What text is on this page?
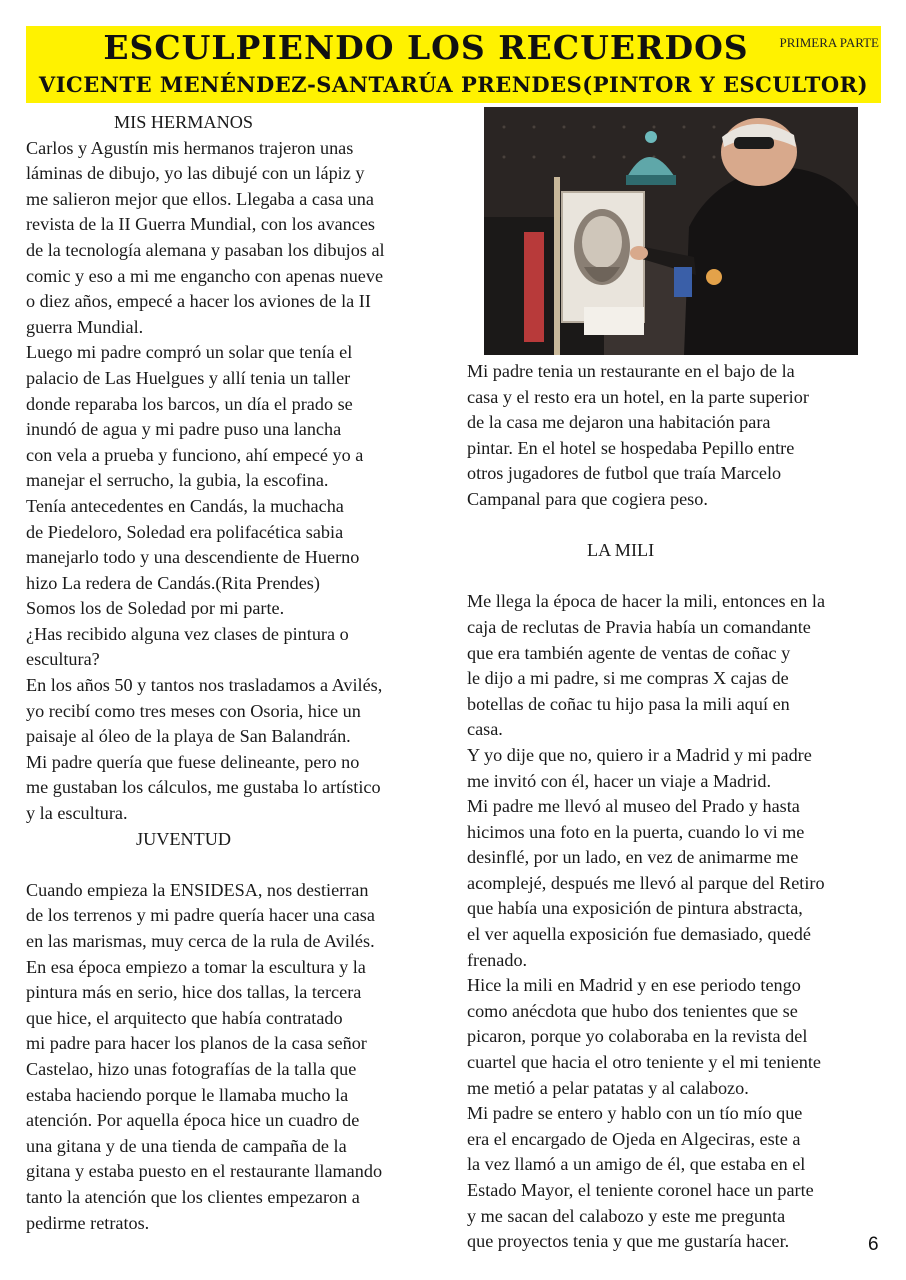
ESCULPIENDO LOS RECUERDOS	PRIMERA PARTE
VICENTE MENÉNDEZ-SANTARÚA PRENDES(PINTOR Y ESCULTOR)
MIS HERMANOS

Carlos y Agustín mis hermanos trajeron unas

láminas de dibujo, yo las dibujé con un lápiz y

me salieron mejor que ellos. Llegaba a casa una

revista de la II Guerra Mundial, con los avances

de la tecnología alemana y pasaban los dibujos al

comic y eso a mi me engancho con apenas nueve

o diez años, empecé a hacer los aviones de la II

guerra Mundial.

Luego mi padre compró un solar que tenía el

palacio de Las Huelgues y allí tenia un taller

donde reparaba los barcos, un día el prado se

inundó de agua y mi padre puso una lancha

con vela a prueba y funciono, ahí empecé yo a

manejar el serrucho, la gubia, la escofina.

Tenía antecedentes en Candás, la muchacha

de Piedeloro, Soledad era polifacética sabia

manejarlo todo y una descendiente de Huerno

hizo La redera de Candás.(Rita Prendes)

Somos los de Soledad por mi parte.

¿Has recibido alguna vez clases de pintura o

escultura?

En los años 50 y tantos nos trasladamos a Avilés,

yo recibí como tres meses con Osoria, hice un

paisaje al óleo de la playa de San Balandrán.

Mi padre quería que fuese delineante, pero no

me gustaban los cálculos, me gustaba lo artístico

y la escultura.

JUVENTUD

Cuando empieza la ENSIDESA, nos destierran

de los terrenos y mi padre quería hacer una casa

en las marismas, muy cerca de la rula de Avilés.

En esa época empiezo a tomar la escultura y la

pintura más en serio, hice dos tallas, la tercera

que hice, el arquitecto que había contratado

mi padre para hacer los planos de la casa señor

Castelao, hizo unas fotografías de la talla que

estaba haciendo porque le llamaba mucho la

atención. Por aquella época hice un cuadro de

una gitana y de una tienda de campaña de la

gitana y estaba puesto en el restaurante llamando

tanto la atención que los clientes empezaron a

pedirme retratos.

Mi padre tenia un restaurante en el bajo de la

casa y el resto era un hotel, en la parte superior

de la casa me dejaron una habitación para

pintar. En el hotel se hospedaba Pepillo entre

otros jugadores de futbol que traía Marcelo

Campanal para que cogiera peso.

LA MILI

Me llega la época de hacer la mili, entonces en la

caja de reclutas de Pravia había un comandante

que era también agente de ventas de coñac y

le dijo a mi padre, si me compras X cajas de

botellas de coñac tu hijo pasa la mili aquí en

casa.

Y yo dije que no, quiero ir a Madrid y mi padre

me invitó con él, hacer un viaje a Madrid.

Mi padre me llevó al museo del Prado y hasta

hicimos una foto en la puerta, cuando lo vi me

desinflé, por un lado, en vez de animarme me

acomplejé, después me llevó al parque del Retiro

que había una exposición de pintura abstracta,

el ver aquella exposición fue demasiado, quedé

frenado.

Hice la mili en Madrid y en ese periodo tengo

como anécdota que hubo dos tenientes que se

picaron, porque yo colaboraba en la revista del

cuartel que hacia el otro teniente y el mi teniente

me metió a pelar patatas y al calabozo.

Mi padre se entero y hablo con un tío mío que

era el encargado de Ojeda en Algeciras, este a

la vez llamó a un amigo de él, que estaba en el

Estado Mayor, el teniente coronel hace un parte

y me sacan del calabozo y este me pregunta

que proyectos tenia y que me gustaría hacer.	6
